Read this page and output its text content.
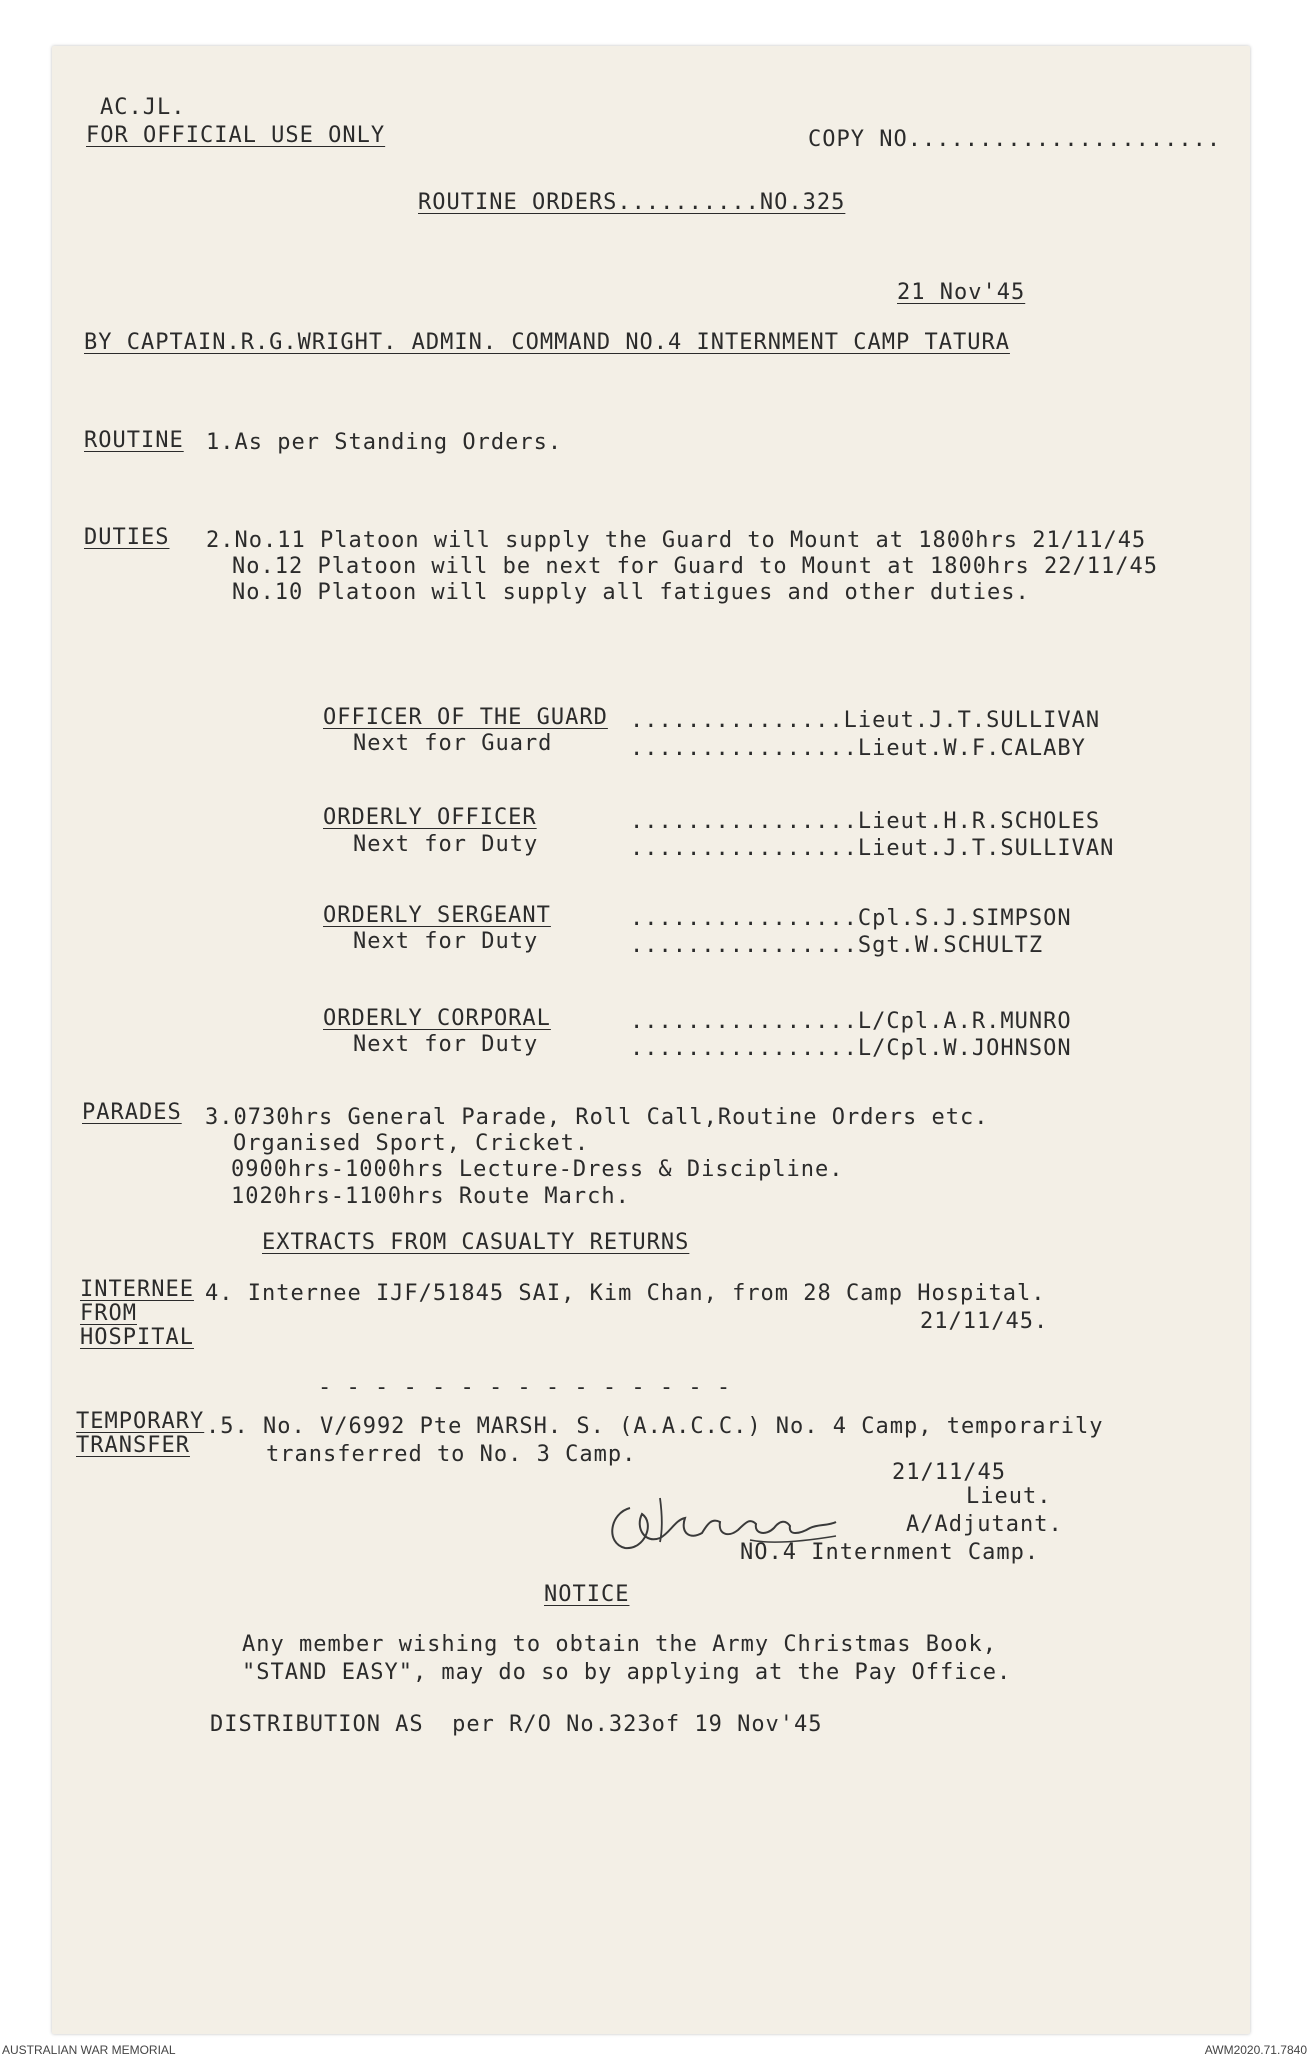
AC.JL.
FOR OFFICIAL USE ONLY	COPY NO......................
ROUTINE ORDERS..........NO.325
21 Nov'45
BY CAPTAIN.R.G.WRIGHT. ADMIN. COMMAND NO.4 INTERNMENT CAMP TATURA
ROUTINE 1.As per Standing Orders.
DUTIES 2.No.11 Platoon will supply the Guard to Mount at 1800hrs 21/11/45
No.12 Platoon will be next for Guard to Mount at 1800hrs 22/11/45
No.10 Platoon will supply all fatigues and other duties.
OFFICER OF THE GUARD ...............Lieut.J.T.SULLIVAN
Next for Guard	................Lieut.W.F.CALABY
ORDERLY OFFICER	................Lieut.H.R.SCHOLES
Next for Duty	................Lieut.J.T.SULLIVAN
ORDERLY SERGEANT	................Cpl.S.J.SIMPSON
Next for Duty	................Sgt.W.SCHULTZ
ORDERLY CORPORAL	................L/Cpl.A.R.MUNRO
Next for Duty	................L/Cpl.W.JOHNSON
PARADES 3.0730hrs General Parade, Roll Call,Routine Orders etc.
Organised Sport, Cricket.
0900hrs-1000hrs Lecture-Dress & Discipline.
1020hrs-1100hrs Route March.
EXTRACTS FROM CASUALTY RETURNS
INTERNEE
FROM
HOSPITAL
4. Internee IJF/51845 SAI, Kim Chan, from 28 Camp Hospital.
21/11/45.
- - - - - - - - - - - - - - -
TEMPORARY
TRANSFER
.5. No. V/6992 Pte MARSH. S. (A.A.C.C.) No. 4 Camp, temporarily
transferred to No. 3 Camp.
21/11/45
Lieut.
A/Adjutant.
NO.4 Internment Camp.
NOTICE
Any member wishing to obtain the Army Christmas Book,
"STAND EASY", may do so by applying at the Pay Office.
DISTRIBUTION AS  per R/O No.323of 19 Nov'45
AUSTRALIAN WAR MEMORIAL	AWM2020.71.7840
